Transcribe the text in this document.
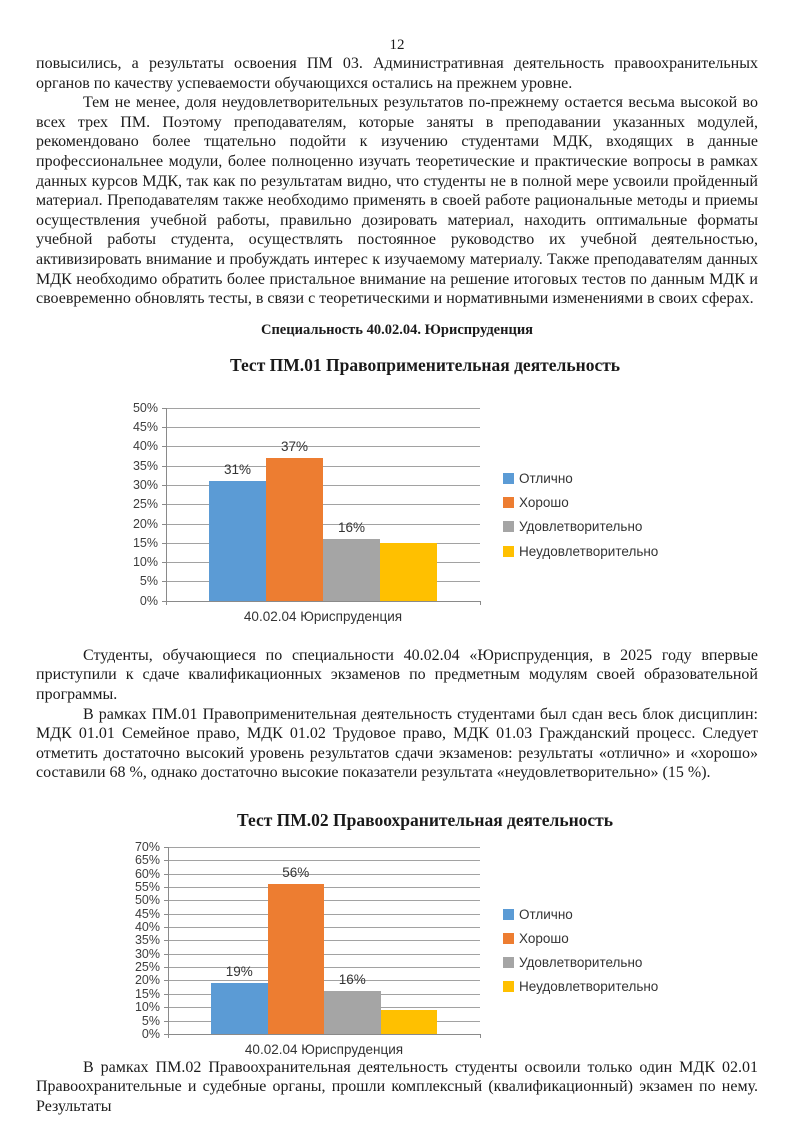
12

повысились, а результаты освоения ПМ 03. Административная деятельность правоохранительных органов по качеству успеваемости обучающихся остались на прежнем уровне.

Тем не менее, доля неудовлетворительных результатов по-прежнему остается весьма высокой во всех трех ПМ. Поэтому преподавателям, которые заняты в преподавании указанных модулей, рекомендовано более тщательно подойти к изучению студентами МДК, входящих в данные профессиональнее модули, более полноценно изучать теоретические и практические вопросы в рамках данных курсов МДК, так как по результатам видно, что студенты не в полной мере усвоили пройденный материал. Преподавателям также необходимо применять в своей работе рациональные методы и приемы осуществления учебной работы, правильно дозировать материал, находить оптимальные форматы учебной работы студента, осуществлять постоянное руководство их учебной деятельностью, активизировать внимание и пробуждать интерес к изучаемому материалу. Также преподавателям данных МДК необходимо обратить более пристальное внимание на решение итоговых тестов по данным МДК и своевременно обновлять тесты, в связи с теоретическими и нормативными изменениями в своих сферах.

Специальность 40.02.04. Юриспруденция
Тест ПМ.01 Правоприменительная деятельность
0%
5%
10%
15%
20%
25%
30%
35%
40%
45%
50%
31%
37%
16%
40.02.04 Юриспруденция
Отлично
Хорошо
Удовлетворительно
Неудовлетворительно

Студенты, обучающиеся по специальности 40.02.04 «Юриспруденция, в 2025 году впервые приступили к сдаче квалификационных экзаменов по предметным модулям своей образовательной программы.

В рамках ПМ.01 Правоприменительная деятельность студентами был сдан весь блок дисциплин: МДК 01.01 Семейное право, МДК 01.02 Трудовое право, МДК 01.03 Гражданский процесс. Следует отметить достаточно высокий уровень результатов сдачи экзаменов: результаты «отлично» и «хорошо» составили 68 %, однако достаточно высокие показатели результата «неудовлетворительно» (15 %).

Тест ПМ.02 Правоохранительная деятельность
0%
5%
10%
15%
20%
25%
30%
35%
40%
45%
50%
55%
60%
65%
70%
19%
56%
16%
40.02.04 Юриспруденция
Отлично
Хорошо
Удовлетворительно
Неудовлетворительно

В рамках ПМ.02 Правоохранительная деятельность студенты освоили только один МДК 02.01 Правоохранительные и судебные органы, прошли комплексный (квалификационный) экзамен по нему. Результаты
